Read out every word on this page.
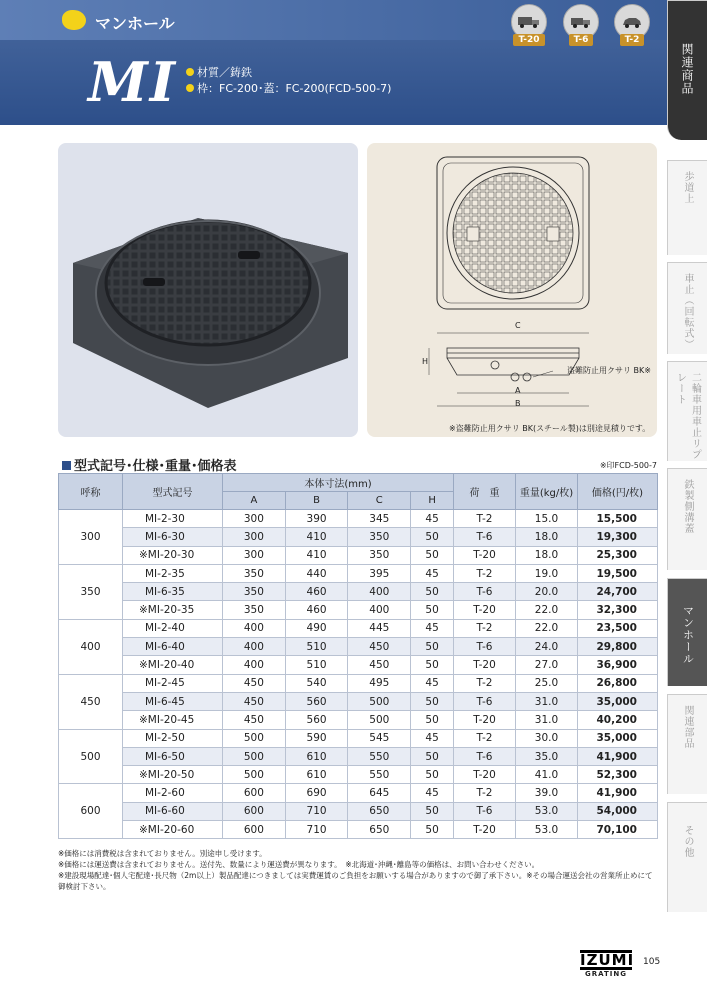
マンホール
MI	材質／鋳鉄
枠：FC-200･蓋：FC-200(FCD-500-7)
T-20	T-6	T-2
関連商品
歩道上
車止（回転式）
二輪車用車止リプレート
鉄製側溝蓋
マンホール
関連部品
その他
C
A
B
H
盗難防止用クサリ BK※
※盗難防止用クサリ BK(スチール製)は別途見積りです。
型式記号･仕様･重量･価格表	※印FCD-500-7
呼称	型式記号	本体寸法(mm)				荷　重	重量(kg/枚)	価格(円/枚)
		A	B	C	H			
300	MI-2-30	300	390	345	45	T-2	15.0	15,500
	MI-6-30	300	410	350	50	T-6	18.0	19,300
	※MI-20-30	300	410	350	50	T-20	18.0	25,300
350	MI-2-35	350	440	395	45	T-2	19.0	19,500
	MI-6-35	350	460	400	50	T-6	20.0	24,700
	※MI-20-35	350	460	400	50	T-20	22.0	32,300
400	MI-2-40	400	490	445	45	T-2	22.0	23,500
	MI-6-40	400	510	450	50	T-6	24.0	29,800
	※MI-20-40	400	510	450	50	T-20	27.0	36,900
450	MI-2-45	450	540	495	45	T-2	25.0	26,800
	MI-6-45	450	560	500	50	T-6	31.0	35,000
	※MI-20-45	450	560	500	50	T-20	31.0	40,200
500	MI-2-50	500	590	545	45	T-2	30.0	35,000
	MI-6-50	500	610	550	50	T-6	35.0	41,900
	※MI-20-50	500	610	550	50	T-20	41.0	52,300
600	MI-2-60	600	690	645	45	T-2	39.0	41,900
	MI-6-60	600	710	650	50	T-6	53.0	54,000
	※MI-20-60	600	710	650	50	T-20	53.0	70,100
※価格には消費税は含まれておりません。別途申し受けます。
※価格には運送費は含まれておりません。送付先、数量により運送費が異なります。　※北海道･沖縄･離島等の価格は、お問い合わせください。
※建設現場配達･個人宅配達･長尺物（2m以上）製品配達につきましては実費運賃のご負担をお願いする場合がありますので御了承下さい。※その場合運送会社の営業所止めにて御検討下さい。
IZUMI
GRATING
105
